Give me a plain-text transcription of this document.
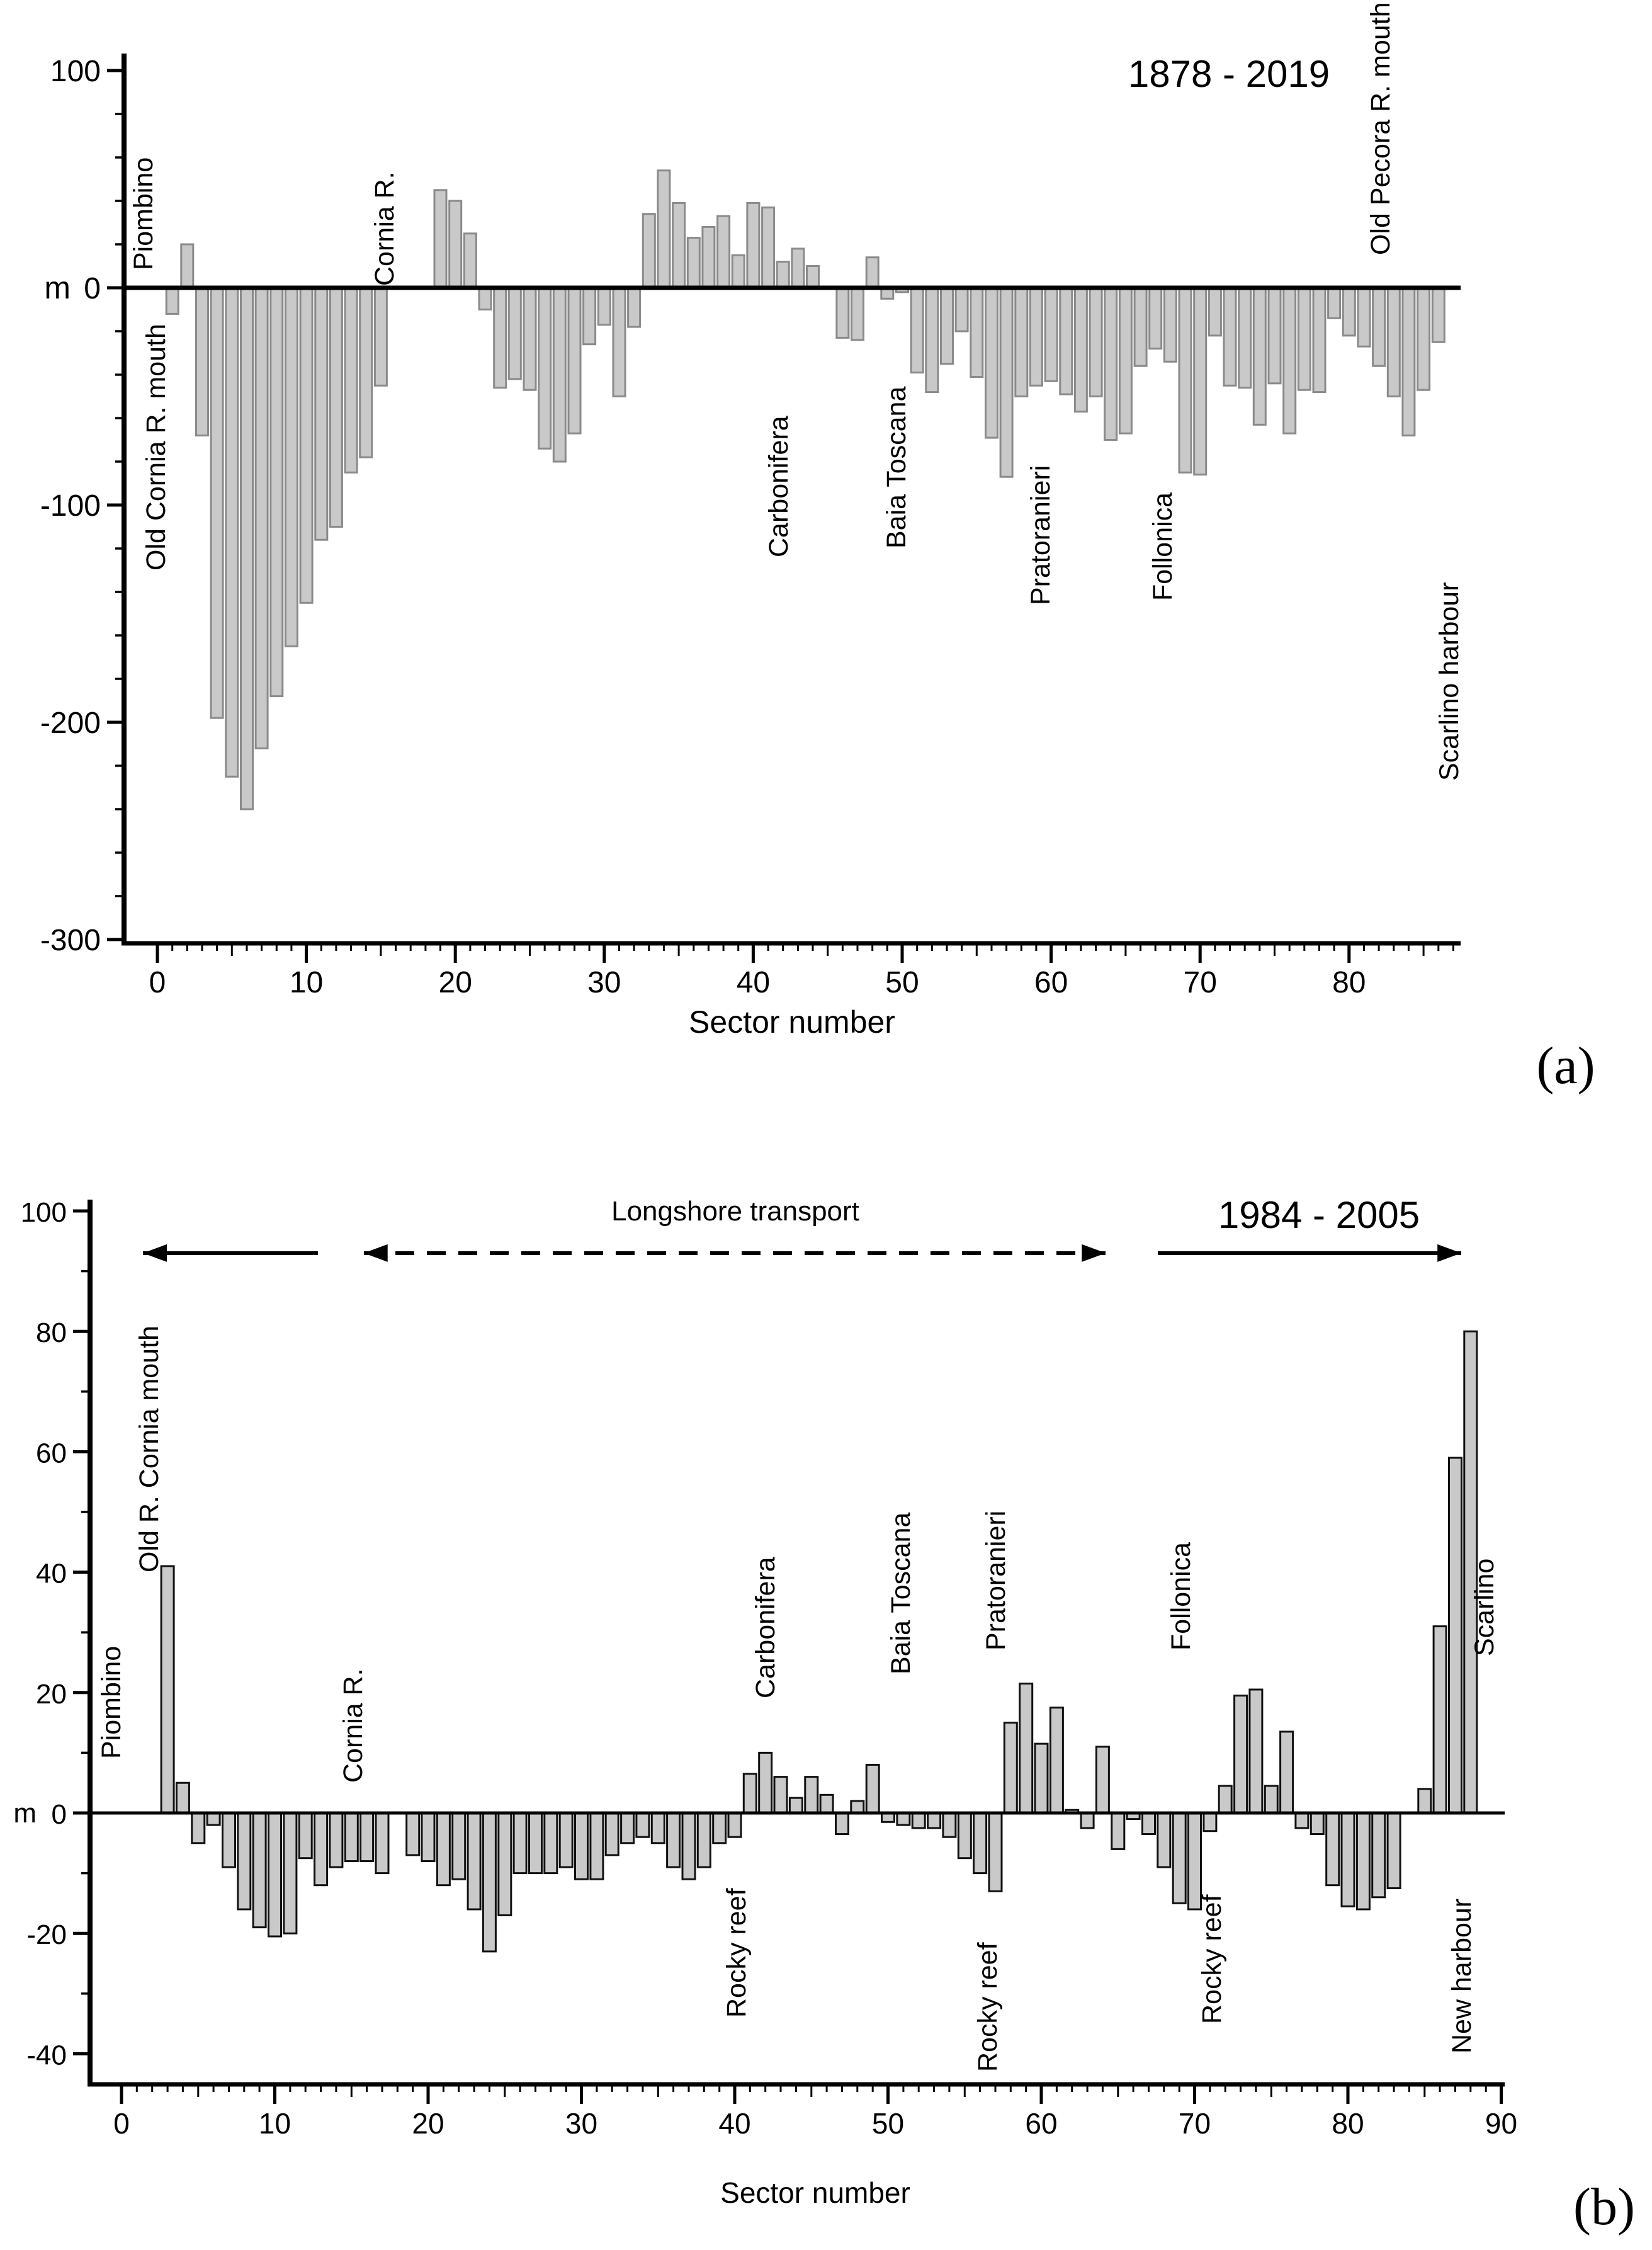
100
0
-100
-200
-300
0	10	20	30	40	50	60	70	80
Piombino
Old Cornia R. mouth
Cornia R.
Carbonifera	Baia Toscana	Pratoranieri	Follonica
Old Pecora R. mouth
Scarlino harbour
100
80
60
40
20
0
-20
-40
0	10	20	30	40	50	60	70	80	90
Piombino
Old R. Cornia mouth
Cornia R.
Carbonifera	Baia Toscana Pratoranieri	Follonica	Scarlino
Rocky reef	Rocky reef	Rocky reef	New harbour
1878 - 2019
Sector number
m
(a)
1984 - 2005
Longshore transport
Sector number
m
(b)
